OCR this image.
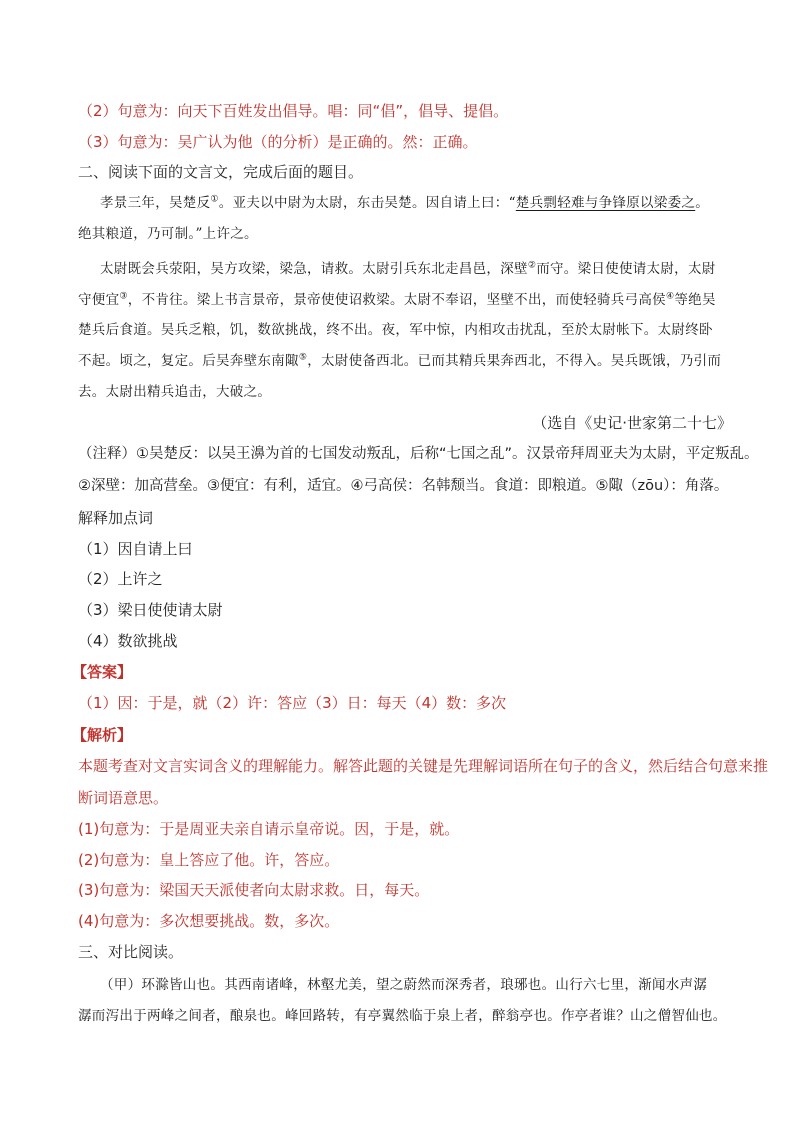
（2）句意为：向天下百姓发出倡导。唱：同“倡”，倡导、提倡。
（3）句意为：吴广认为他（的分析）是正确的。然：正确。
二、阅读下面的文言文，完成后面的题目。
孝景三年，吴楚反①。亚夫以中尉为太尉，东击吴楚。因自请上曰：“楚兵剽轻难与争锋原以梁委之。
绝其粮道，乃可制。”上许之。
太尉既会兵荥阳，吴方攻梁，梁急，请救。太尉引兵东北走昌邑，深壁②而守。梁日使使请太尉，太尉
守便宜③，不肯往。梁上书言景帝，景帝使使诏救梁。太尉不奉诏，坚壁不出，而使轻骑兵弓高侯④等绝吴
楚兵后食道。吴兵乏粮，饥，数欲挑战，终不出。夜，军中惊，内相攻击扰乱，至於太尉帐下。太尉终卧
不起。顷之，复定。后吴奔壁东南陬⑤，太尉使备西北。已而其精兵果奔西北，不得入。吴兵既饿，乃引而
去。太尉出精兵追击，大破之。
（选自《史记·世家第二十七》
（注释）①吴楚反：以吴王濞为首的七国发动叛乱，后称“七国之乱”。汉景帝拜周亚夫为太尉，平定叛乱。
②深壁：加高营垒。③便宜：有利，适宜。④弓高侯：名韩颓当。食道：即粮道。⑤陬（zōu）：角落。
解释加点词
（1）因自请上曰
（2）上许之
（3）梁日使使请太尉
（4）数欲挑战
【答案】
（1）因：于是，就（2）许：答应（3）日：每天（4）数：多次
【解析】
本题考查对文言实词含义的理解能力。解答此题的关键是先理解词语所在句子的含义，然后结合句意来推
断词语意思。
(1)句意为：于是周亚夫亲自请示皇帝说。因，于是，就。
(2)句意为：皇上答应了他。许，答应。
(3)句意为：梁国天天派使者向太尉求救。日，每天。
(4)句意为：多次想要挑战。数，多次。
三、对比阅读。
（甲）环滁皆山也。其西南诸峰，林壑尤美，望之蔚然而深秀者，琅琊也。山行六七里，渐闻水声潺
潺而泻出于两峰之间者，酿泉也。峰回路转，有亭翼然临于泉上者，醉翁亭也。作亭者谁？山之僧智仙也。
